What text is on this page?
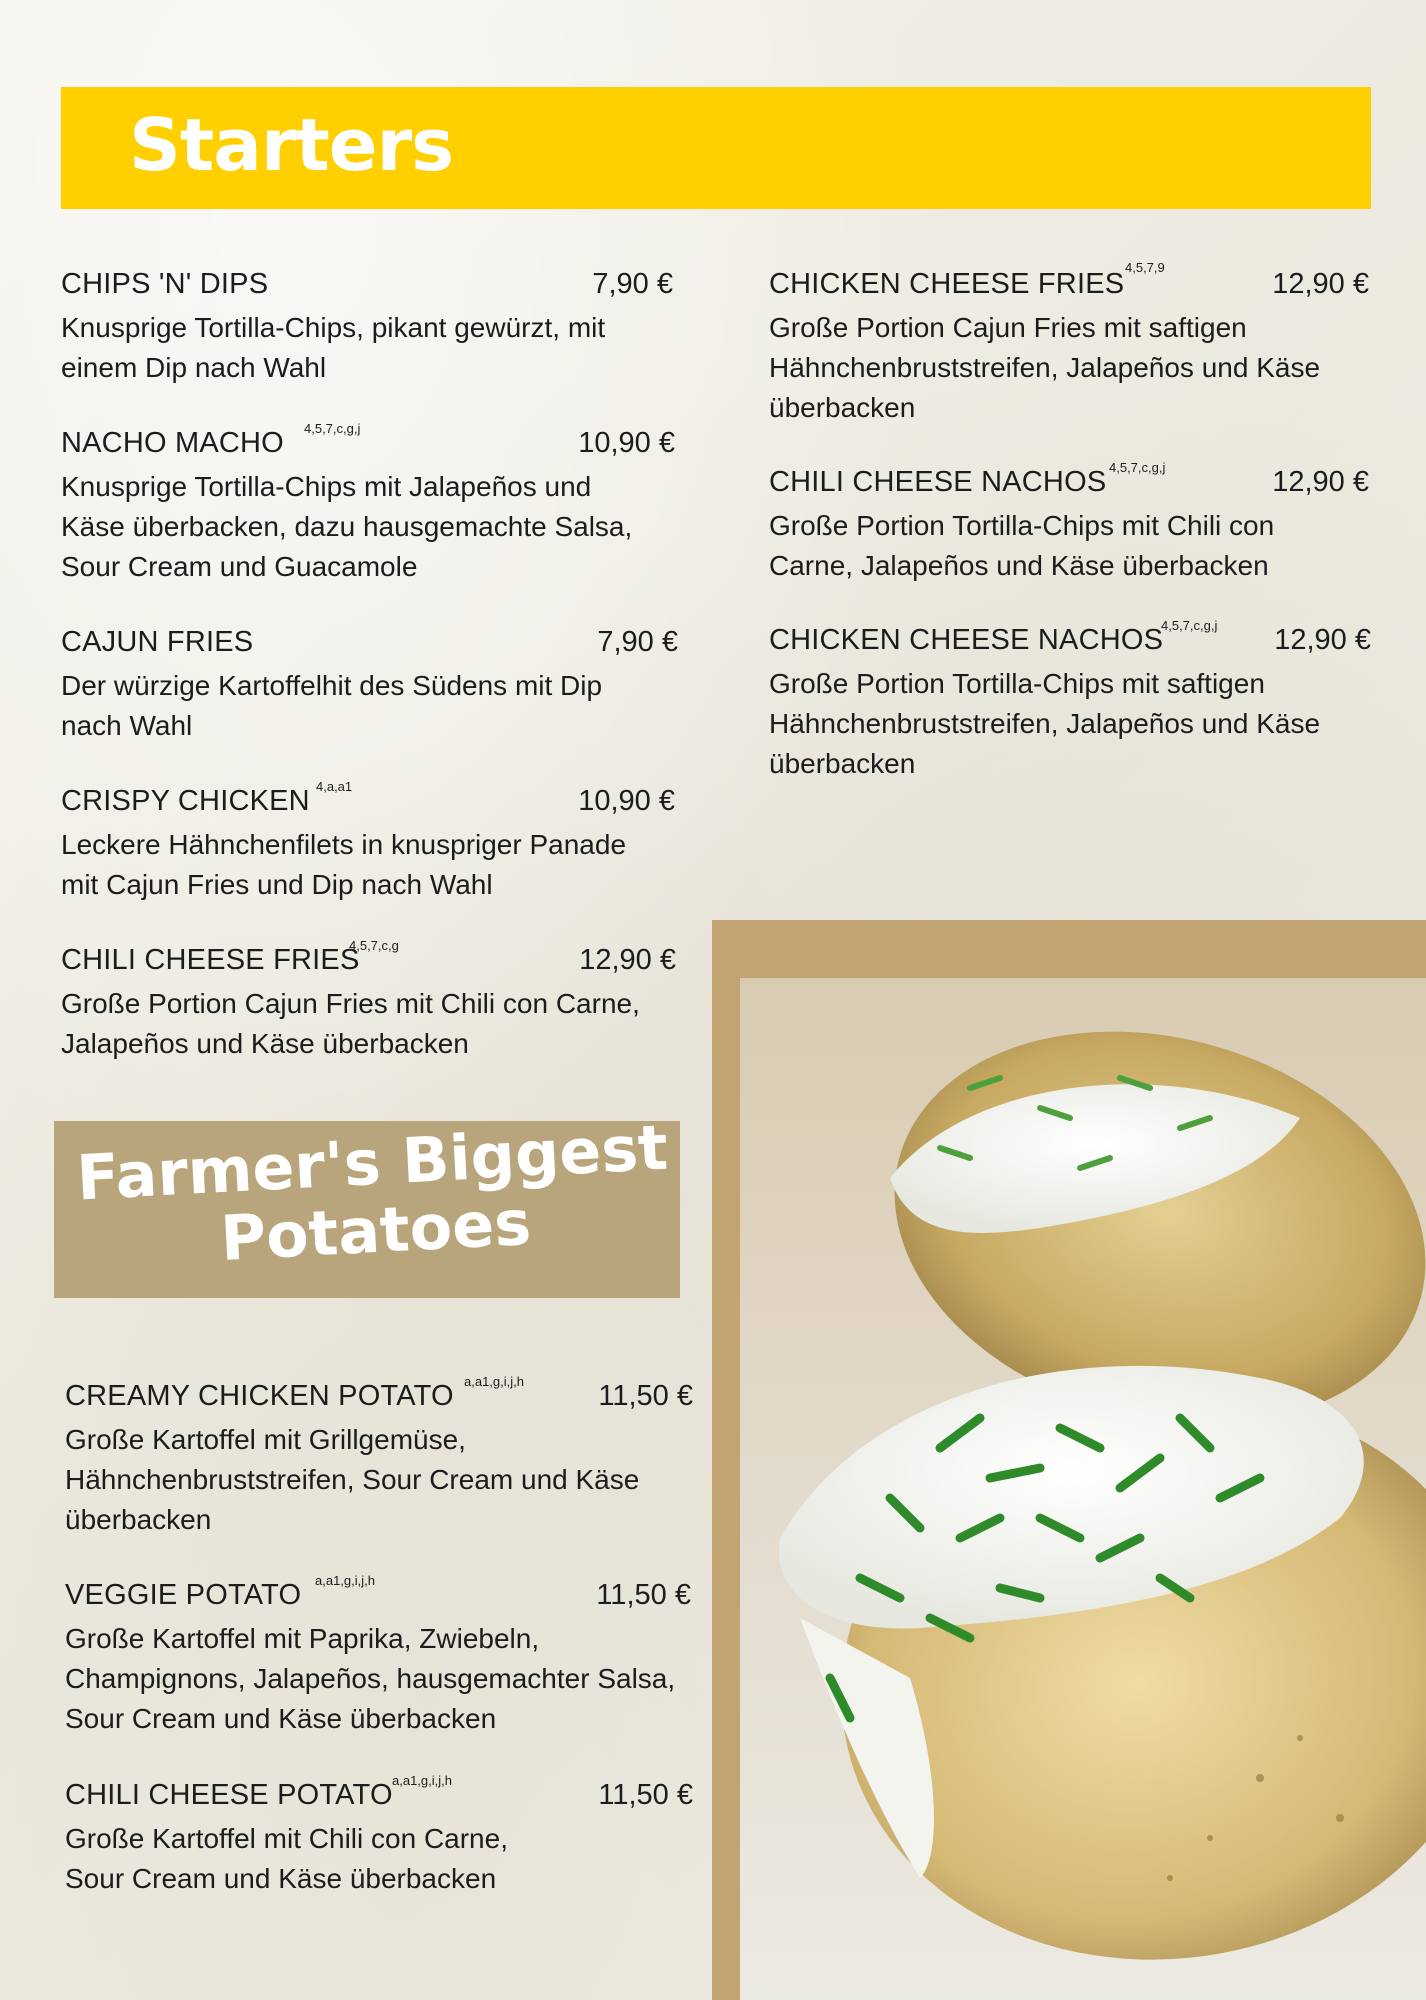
Starters
CHIPS 'N' DIPS	7,90 €
Knusprige Tortilla-Chips, pikant gewürzt, mit
einem Dip nach Wahl
NACHO MACHO 4,5,7,c,g,j	10,90 €
Knusprige Tortilla-Chips mit Jalapeños und
Käse überbacken, dazu hausgemachte Salsa,
Sour Cream und Guacamole
CAJUN FRIES	7,90 €
Der würzige Kartoffelhit des Südens mit Dip
nach Wahl
CRISPY CHICKEN 4,a,a1	10,90 €
Leckere Hähnchenfilets in knuspriger Panade
mit Cajun Fries und Dip nach Wahl
CHILI CHEESE FRIES
4,5,7,c,g	12,90 €
Große Portion Cajun Fries mit Chili con Carne,
Jalapeños und Käse überbacken
CHICKEN CHEESE FRIES
4,5,7,9
12,90 €
Große Portion Cajun Fries mit saftigen
Hähnchenbruststreifen, Jalapeños und Käse
überbacken
CHILI CHEESE NACHOS 4,5,7,c,g,j	12,90 €
Große Portion Tortilla-Chips mit Chili con
Carne, Jalapeños und Käse überbacken
CHICKEN CHEESE NACHOS
4,5,7,c,g,j 12,90 €
Große Portion Tortilla-Chips mit saftigen
Hähnchenbruststreifen, Jalapeños und Käse
überbacken
Farmer's Biggest
Potatoes
CREAMY CHICKEN POTATO a,a1,g,i,j,h	11,50 €
Große Kartoffel mit Grillgemüse,
Hähnchenbruststreifen, Sour Cream und Käse
überbacken
VEGGIE POTATO a,a1,g,i,j,h	11,50 €
Große Kartoffel mit Paprika, Zwiebeln,
Champignons, Jalapeños, hausgemachter Salsa,
Sour Cream und Käse überbacken
CHILI CHEESE POTATO a,a1,g,i,j,h	11,50 €
Große Kartoffel mit Chili con Carne,
Sour Cream und Käse überbacken
